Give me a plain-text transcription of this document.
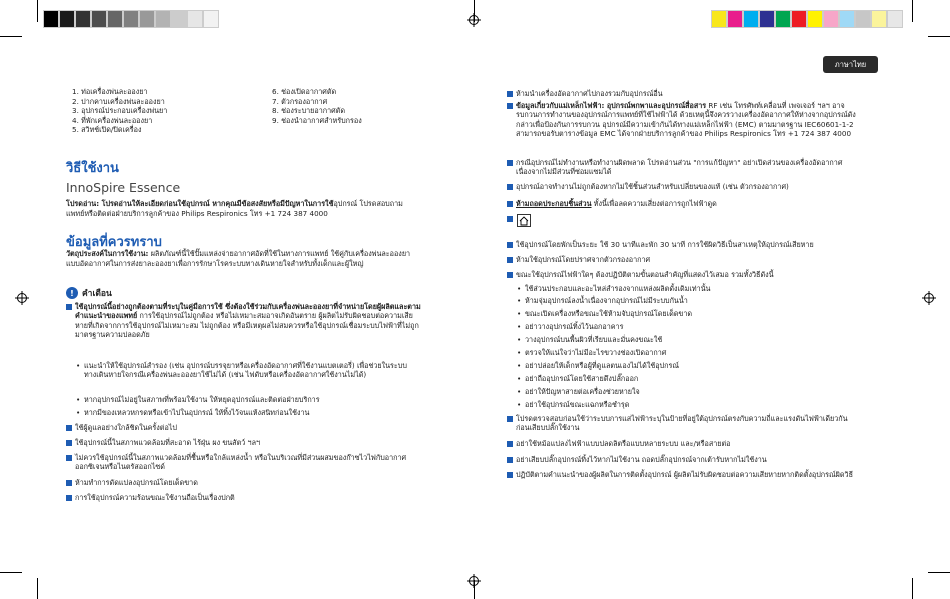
ภาษาไทย
1. ท่อเครื่องพ่นละอองยา
2. ปากคาบเครื่องพ่นละอองยา
3. อุปกรณ์ประกอบเครื่องพ่นยา
4. ที่พักเครื่องพ่นละอองยา
5. สวิทช์เปิด/ปิดเครื่อง
6. ช่องเปิดอากาศตัด
7. ตัวกรองอากาศ
8. ช่องระบายอากาศตัด
9. ช่องนำอากาศสำหรับกรอง
วิธีใช้งาน
InnoSpire Essence
โปรดอ่าน: โปรดอ่านให้ละเอียดก่อนใช้อุปกรณ์ หากคุณมีข้อสงสัยหรือมีปัญหาในการใช้อุปกรณ์ โปรดสอบถามแพทย์หรือติดต่อฝ่ายบริการลูกค้าของ Philips Respironics โทร +1 724 387 4000
ข้อมูลที่ควรทราบ
วัตถุประสงค์ในการใช้งาน: ผลิตภัณฑ์นี้ใช้ปั๊มแหล่งจ่ายอากาศอัดที่ใช้ในทางการแพทย์ ใช้คู่กับเครื่องพ่นละอองยาแบบอัดอากาศในการส่งยาละอองยาเพื่อการรักษาโรคระบบทางเดินหายใจสำหรับทั้งเด็กและผู้ใหญ่
! คำเตือน
ใช้อุปกรณ์นี้อย่างถูกต้องตามที่ระบุในคู่มือการใช้ ซึ่งต้องใช้ร่วมกับเครื่องพ่นละอองยาที่จำหน่ายโดยผู้ผลิตและตามคำแนะนำของแพทย์ การใช้อุปกรณ์ไม่ถูกต้อง หรือไม่เหมาะสมอาจเกิดอันตราย ผู้ผลิตไม่รับผิดชอบต่อความเสียหายที่เกิดจากการใช้อุปกรณ์ไม่เหมาะสม ไม่ถูกต้อง หรือมีเหตุผลไม่สมควรหรือใช้อุปกรณ์เชื่อมระบบไฟฟ้าที่ไม่ถูกมาตรฐานความปลอดภัย
• แนะนำให้ใช้อุปกรณ์สำรอง (เช่น อุปกรณ์บรรจุยาหรือเครื่องอัดอากาศที่ใช้งานแบตเตอรี่) เพื่อช่วยในระบบทางเดินหายใจกรณีเครื่องพ่นละอองยาใช้ไม่ได้ (เช่น ไฟดับหรือเครื่องอัดอากาศใช้งานไม่ได้)
• หากอุปกรณ์ไม่อยู่ในสภาพที่พร้อมใช้งาน ให้หยุดอุปกรณ์และติดต่อฝ่ายบริการ
• หากมีของเหลวหกรดหรือเข้าไปในอุปกรณ์ ให้ทิ้งไว้จนแห้งสนิทก่อนใช้งาน
ใช้ผู้ดูแลอย่างใกล้ชิดในครั้งต่อไป
ใช้อุปกรณ์นี้ในสภาพแวดล้อมที่สะอาด ไร้ฝุ่น ผง ขนสัตว์ ฯลฯ
ไม่ควรใช้อุปกรณ์นี้ในสภาพแวดล้อมที่ชื้นหรือใกล้แหล่งน้ำ หรือในบริเวณที่มีส่วนผสมของก๊าซไวไฟกับอากาศ ออกซิเจนหรือไนตรัสออกไซด์
ห้ามทำการดัดแปลงอุปกรณ์โดยเด็ดขาด
การใช้อุปกรณ์ความร้อนขณะใช้งานถือเป็นเรื่องปกติ
ห้ามนำเครื่องอัดอากาศไปกองรวมกับอุปกรณ์อื่น
ข้อมูลเกี่ยวกับแม่เหล็กไฟฟ้า: อุปกรณ์พกพาและอุปกรณ์สื่อสาร RF เช่น โทรศัพท์เคลื่อนที่ เพจเจอร์ ฯลฯ อาจรบกวนการทำงานของอุปกรณ์การแพทย์ที่ใช้ไฟฟ้าได้ ด้วยเหตุนี้จึงควรวางเครื่องอัดอากาศให้ห่างจากอุปกรณ์ดังกล่าวเพื่อป้องกันการรบกวน อุปกรณ์มีความเข้ากันได้ทางแม่เหล็กไฟฟ้า (EMC) ตามมาตรฐาน IEC60601-1-2 สามารถขอรับตารางข้อมูล EMC ได้จากฝ่ายบริการลูกค้าของ Philips Respironics โทร +1 724 387 4000
กรณีอุปกรณ์ไม่ทำงานหรือทำงานผิดพลาด โปรดอ่านส่วน "การแก้ปัญหา" อย่าเปิดส่วนของเครื่องอัดอากาศเนื่องจากไม่มีส่วนที่ซ่อมแซมได้
อุปกรณ์อาจทำงานไม่ถูกต้องหากไม่ใช้ชิ้นส่วนสำหรับเปลี่ยนของแท้ (เช่น ตัวกรองอากาศ)
ห้ามถอดประกอบชิ้นส่วน ทั้งนี้เพื่อลดความเสี่ยงต่อการถูกไฟฟ้าดูด
ใช้อุปกรณ์โดยพักเป็นระยะ ใช้ 30 นาทีและพัก 30 นาที การใช้ผิดวิธีเป็นสาเหตุให้อุปกรณ์เสียหาย
ห้ามใช้อุปกรณ์โดยปราศจากตัวกรองอากาศ
ขณะใช้อุปกรณ์ไฟฟ้าใดๆ ต้องปฏิบัติตามขั้นตอนสำคัญที่แสดงไว้เสมอ รวมทั้งวิธีดังนี้
• ใช้ส่วนประกอบและอะไหล่สำรองจากแหล่งผลิตดั้งเดิมเท่านั้น
• ห้ามจุ่มอุปกรณ์ลงน้ำเนื่องจากอุปกรณ์ไม่มีระบบกันน้ำ
• ขณะเปิดเครื่องหรือขณะใช้ห้ามจับอุปกรณ์โดยเด็ดขาด
• อย่าวางอุปกรณ์ทิ้งไว้นอกอาคาร
• วางอุปกรณ์บนพื้นผิวที่เรียบและมั่นคงขณะใช้
• ตรวจให้แน่ใจว่าไม่มีอะไรขวางช่องเปิดอากาศ
• อย่าปล่อยให้เด็กหรือผู้ที่ดูแลตนเองไม่ได้ใช้อุปกรณ์
• อย่าถืออุปกรณ์โดยใช้สายดึงปลั๊กออก
• อย่าให้ปัญหาสายต่อเครื่องช่วยหายใจ
• อย่าใช้อุปกรณ์ขณะแฉกหรือชำรุด
โปรดตรวจสอบก่อนใช้ว่าระบบการแสไฟฟ้าระบุในป้ายที่อยู่ใต้อุปกรณ์ตรงกับความถี่และแรงดันไฟฟ้าเดียวกันก่อนเสียบปลั๊กใช้งาน
อย่าใช้หม้อแปลงไฟฟ้าแบบปลดลิตรือแบบหลายระบบ และ/หรือสายต่อ
อย่าเสียบปลั๊กอุปกรณ์ทิ้งไว้หากไม่ใช้งาน ถอดปลั๊กอุปกรณ์จากเต้ารับหากไม่ใช้งาน
ปฏิบัติตามคำแนะนำของผู้ผลิตในการติดตั้งอุปกรณ์ ผู้ผลิตไม่รับผิดชอบต่อความเสียหายหากติดตั้งอุปกรณ์ผิดวิธี
